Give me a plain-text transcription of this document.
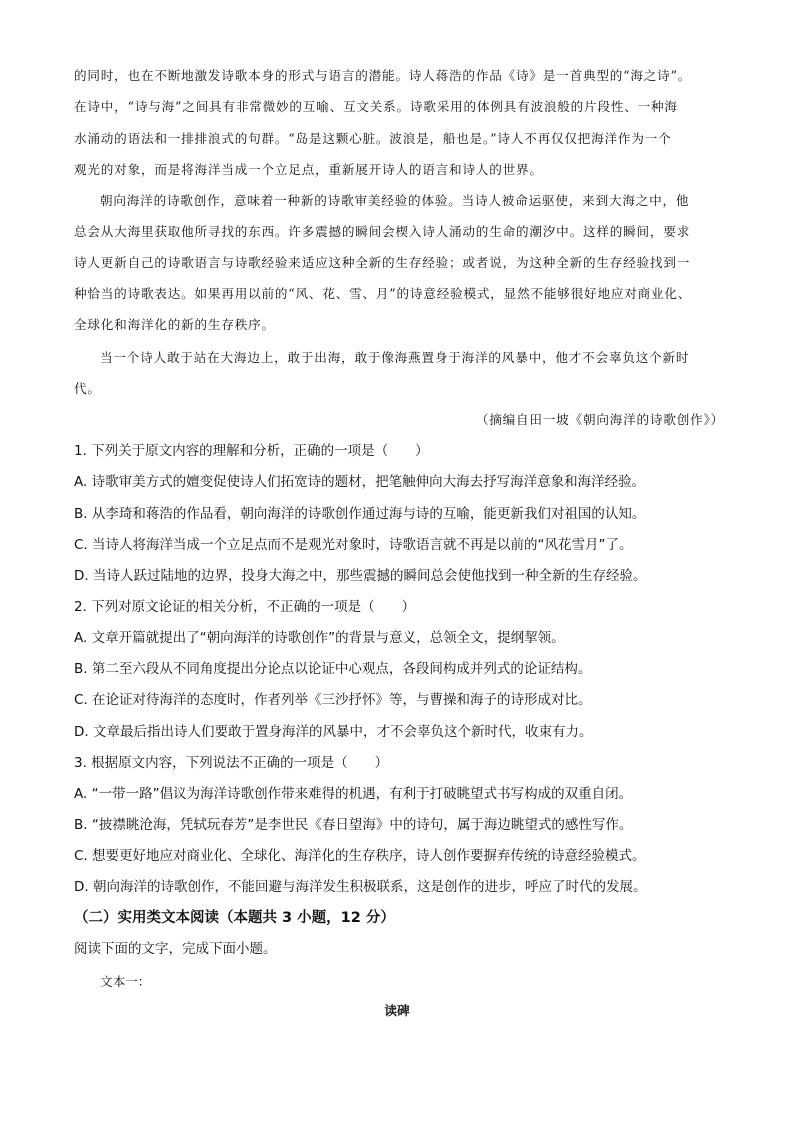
的同时，也在不断地激发诗歌本身的形式与语言的潜能。诗人蒋浩的作品《诗》是一首典型的“海之诗”。
在诗中，“诗与海”之间具有非常微妙的互喻、互文关系。诗歌采用的体例具有波浪般的片段性、一种海
水涌动的语法和一排排浪式的句群。“岛是这颗心脏。波浪是，船也是。”诗人不再仅仅把海洋作为一个
观光的对象，而是将海洋当成一个立足点，重新展开诗人的语言和诗人的世界。
朝向海洋的诗歌创作，意味着一种新的诗歌审美经验的体验。当诗人被命运驱使，来到大海之中，他
总会从大海里获取他所寻找的东西。许多震撼的瞬间会楔入诗人涌动的生命的潮汐中。这样的瞬间，要求
诗人更新自己的诗歌语言与诗歌经验来适应这种全新的生存经验；或者说，为这种全新的生存经验找到一
种恰当的诗歌表达。如果再用以前的“风、花、雪、月”的诗意经验模式，显然不能够很好地应对商业化、
全球化和海洋化的新的生存秩序。
当一个诗人敢于站在大海边上，敢于出海，敢于像海燕置身于海洋的风暴中，他才不会辜负这个新时
代。
（摘编自田一坡《朝向海洋的诗歌创作》）
1. 下列关于原文内容的理解和分析，正确的一项是（　　）
A. 诗歌审美方式的嬗变促使诗人们拓宽诗的题材，把笔触伸向大海去抒写海洋意象和海洋经验。
B. 从李琦和蒋浩的作品看，朝向海洋的诗歌创作通过海与诗的互喻，能更新我们对祖国的认知。
C. 当诗人将海洋当成一个立足点而不是观光对象时，诗歌语言就不再是以前的“风花雪月”了。
D. 当诗人跃过陆地的边界，投身大海之中，那些震撼的瞬间总会使他找到一种全新的生存经验。
2. 下列对原文论证的相关分析，不正确的一项是（　　）
A. 文章开篇就提出了“朝向海洋的诗歌创作”的背景与意义，总领全文，提纲挈领。
B. 第二至六段从不同角度提出分论点以论证中心观点，各段间构成并列式的论证结构。
C. 在论证对待海洋的态度时，作者列举《三沙抒怀》等，与曹操和海子的诗形成对比。
D. 文章最后指出诗人们要敢于置身海洋的风暴中，才不会辜负这个新时代，收束有力。
3. 根据原文内容，下列说法不正确的一项是（　　）
A. “一带一路”倡议为海洋诗歌创作带来难得的机遇，有利于打破眺望式书写构成的双重自闭。
B. “披襟眺沧海，凭轼玩春芳”是李世民《春日望海》中的诗句，属于海边眺望式的感性写作。
C. 想要更好地应对商业化、全球化、海洋化的生存秩序，诗人创作要摒弃传统的诗意经验模式。
D. 朝向海洋的诗歌创作，不能回避与海洋发生积极联系，这是创作的进步，呼应了时代的发展。
（二）实用类文本阅读（本题共 3 小题，12 分）
阅读下面的文字，完成下面小题。
文本一：
读碑
